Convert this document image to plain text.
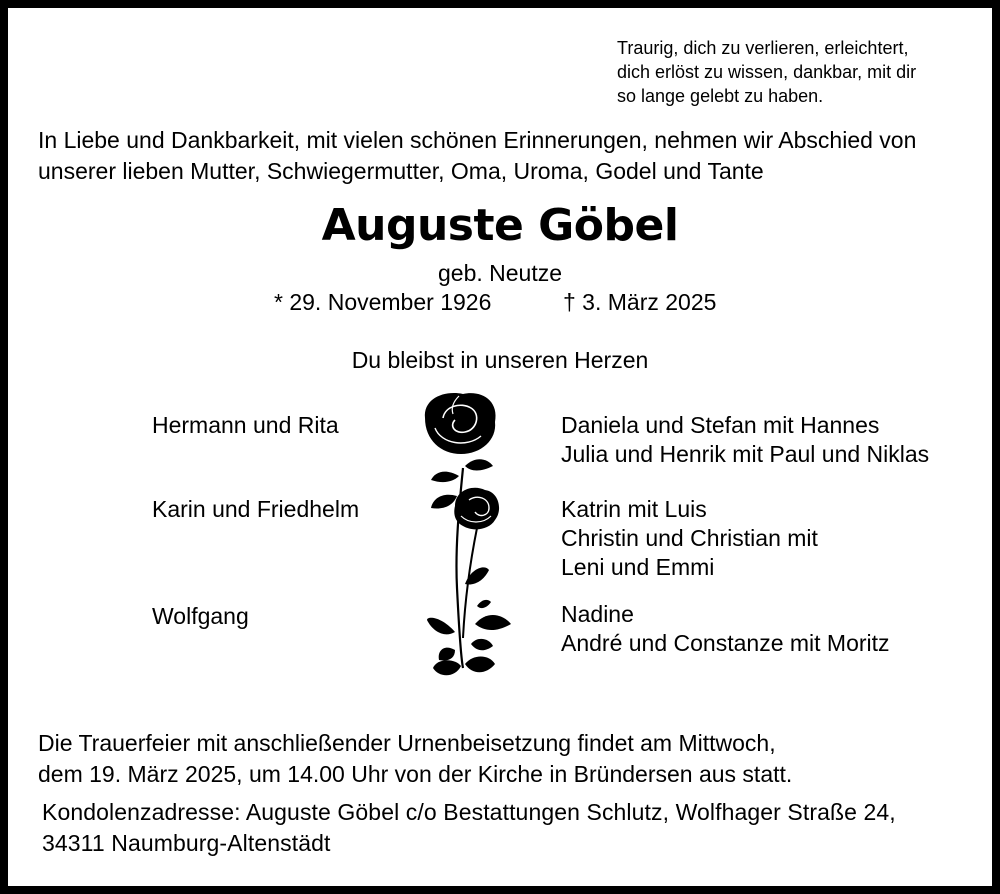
Traurig, dich zu verlieren, erleichtert,
dich erlöst zu wissen, dankbar, mit dir
so lange gelebt zu haben.
In Liebe und Dankbarkeit, mit vielen schönen Erinnerungen, nehmen wir Abschied von
unserer lieben Mutter, Schwiegermutter, Oma, Uroma, Godel und Tante
Auguste Göbel
geb. Neutze
* 29. November 1926	† 3. März 2025
Du bleibst in unseren Herzen
Hermann und Rita	Daniela und Stefan mit Hannes
Julia und Henrik mit Paul und Niklas
Karin und Friedhelm	Katrin mit Luis
Christin und Christian mit
Leni und Emmi
Wolfgang	Nadine
André und Constanze mit Moritz
Die Trauerfeier mit anschließender Urnenbeisetzung findet am Mittwoch,
dem 19. März 2025, um 14.00 Uhr von der Kirche in Bründersen aus statt.
Kondolenzadresse: Auguste Göbel c/o Bestattungen Schlutz, Wolfhager Straße 24,
34311 Naumburg-Altenstädt
